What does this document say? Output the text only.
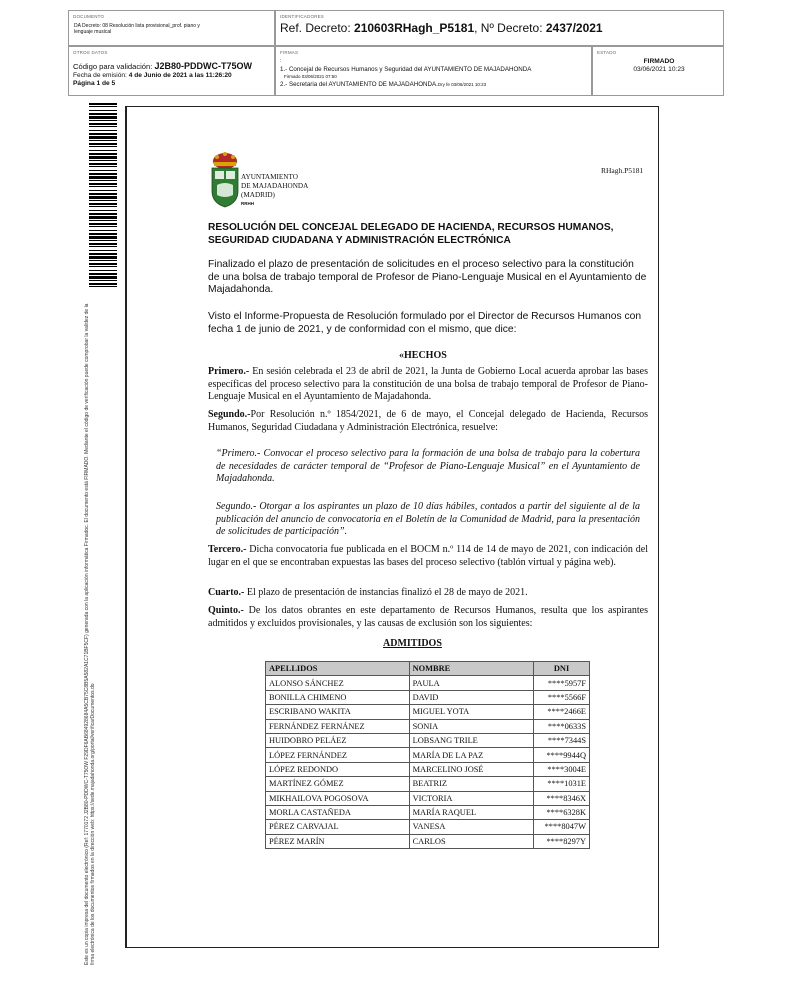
DOCUMENTO
DA Decreto: 08 Resolución lista provisional_prof. piano y lenguaje musical
IDENTIFICADORES
Ref. Decreto: 210603RHagh_P5181, Nº Decreto: 2437/2021
OTROS DATOS
Código para validación: J2B80-PDDWC-T75OW
Fecha de emisión: 4 de Junio de 2021 a las 11:26:20
Página 1 de 5
FIRMAS
:
1.- Concejal de Recursos Humanos y Seguridad del AYUNTAMIENTO DE MAJADAHONDA
Firmado 03/06/2021 07:50
2.- Secretaria del AYUNTAMIENTO DE MAJADAHONDA.Dry fe 03/06/2021 10:23
ESTADO
FIRMADO
03/06/2021 10:23
Este es un copia impresa del documento electrónico (Ref: 1770172 J2B80-PDDWC-T75OW F29DF6AB684928684A5CB75C8B5A582A1C71BF5CF) generada con la aplicación informática Firmadoc. El documento está FIRMADO. Mediante el código de verificación puede comprobar la validez de la firma electrónica de los documentos firmados en la dirección web: https://sede.majadahonda.org/portal/verificarDocumentos.do
AYUNTAMIENTO
DE MAJADAHONDA
(MADRID)
RRHH
RHagh.P5181
RESOLUCIÓN DEL CONCEJAL DELEGADO DE HACIENDA, RECURSOS HUMANOS,
SEGURIDAD CIUDADANA Y ADMINISTRACIÓN ELECTRÓNICA
Finalizado el plazo de presentación de solicitudes en el proceso selectivo para la constitución de una bolsa de trabajo temporal de Profesor de Piano-Lenguaje Musical en el Ayuntamiento de Majadahonda.
Visto el Informe-Propuesta de Resolución formulado por el Director de Recursos Humanos con fecha 1 de junio de 2021, y de conformidad con el mismo, que dice:
«HECHOS
Primero.- En sesión celebrada el 23 de abril de 2021, la Junta de Gobierno Local acuerda aprobar las bases específicas del proceso selectivo para la constitución de una bolsa de trabajo temporal de Profesor de Piano-Lenguaje Musical en el Ayuntamiento de Majadahonda.
Segundo.-Por Resolución n.º 1854/2021, de 6 de mayo, el Concejal delegado de Hacienda, Recursos Humanos, Seguridad Ciudadana y Administración Electrónica, resuelve:
“Primero.- Convocar el proceso selectivo para la formación de una bolsa de trabajo para la cobertura de necesidades de carácter temporal de “Profesor de Piano-Lenguaje Musical” en el Ayuntamiento de Majadahonda.
Segundo.- Otorgar a los aspirantes un plazo de 10 días hábiles, contados a partir del siguiente al de la publicación del anuncio de convocatoria en el Boletín de la Comunidad de Madrid, para la presentación de solicitudes de participación”.
Tercero.- Dicha convocatoria fue publicada en el BOCM n.º 114 de 14 de mayo de 2021, con indicación del lugar en el que se encontraban expuestas las bases del proceso selectivo (tablón virtual y página web).
Cuarto.- El plazo de presentación de instancias finalizó el 28 de mayo de 2021.
Quinto.- De los datos obrantes en este departamento de Recursos Humanos, resulta que los aspirantes admitidos y excluidos provisionales, y las causas de exclusión son los siguientes:
ADMITIDOS
APELLIDOS	NOMBRE	DNI
ALONSO SÁNCHEZ	PAULA	****5957F
BONILLA CHIMENO	DAVID	****5566F
ESCRIBANO WAKITA	MIGUEL YOTA	****2466E
FERNÁNDEZ FERNÁNEZ	SONIA	****0633S
HUIDOBRO PELÁEZ	LOBSANG TRILE	****7344S
LÓPEZ FERNÁNDEZ	MARÍA DE LA PAZ	****9944Q
LÓPEZ REDONDO	MARCELINO JOSÉ	****3004E
MARTÍNEZ GÓMEZ	BEATRIZ	****1031E
MIKHAILOVA POGOSOVA	VICTORIA	****8346X
MORLA CASTAÑEDA	MARÍA RAQUEL	****6328K
PÉREZ CARVAJAL	VANESA	****8047W
PÉREZ MARÍN	CARLOS	****8297Y
